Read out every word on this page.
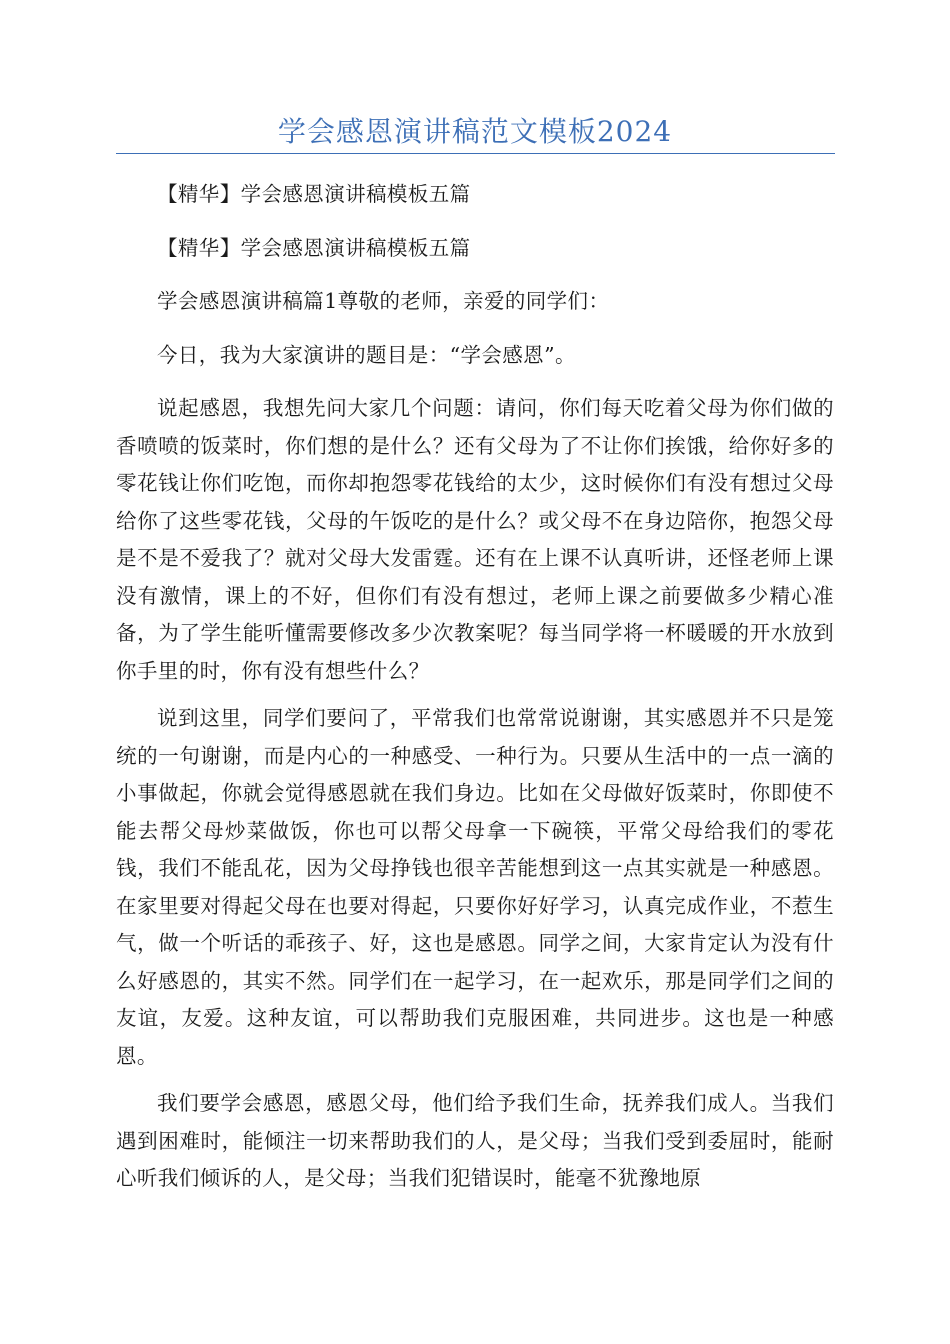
学会感恩演讲稿范文模板2024

【精华】学会感恩演讲稿模板五篇

【精华】学会感恩演讲稿模板五篇

学会感恩演讲稿篇1尊敬的老师，亲爱的同学们：

今日，我为大家演讲的题目是：“学会感恩”。

说起感恩，我想先问大家几个问题：请问，你们每天吃着父母为你们做的香喷喷的饭菜时，你们想的是什么？还有父母为了不让你们挨饿，给你好多的零花钱让你们吃饱，而你却抱怨零花钱给的太少，这时候你们有没有想过父母给你了这些零花钱，父母的午饭吃的是什么？或父母不在身边陪你，抱怨父母是不是不爱我了？就对父母大发雷霆。还有在上课不认真听讲，还怪老师上课没有激情，课上的不好，但你们有没有想过，老师上课之前要做多少精心准备，为了学生能听懂需要修改多少次教案呢？每当同学将一杯暖暖的开水放到你手里的时，你有没有想些什么？

说到这里，同学们要问了，平常我们也常常说谢谢，其实感恩并不只是笼统的一句谢谢，而是内心的一种感受、一种行为。只要从生活中的一点一滴的小事做起，你就会觉得感恩就在我们身边。比如在父母做好饭菜时，你即使不能去帮父母炒菜做饭，你也可以帮父母拿一下碗筷，平常父母给我们的零花钱，我们不能乱花，因为父母挣钱也很辛苦能想到这一点其实就是一种感恩。在家里要对得起父母在也要对得起，只要你好好学习，认真完成作业，不惹生气，做一个听话的乖孩子、好，这也是感恩。同学之间，大家肯定认为没有什么好感恩的，其实不然。同学们在一起学习，在一起欢乐，那是同学们之间的友谊，友爱。这种友谊，可以帮助我们克服困难，共同进步。这也是一种感恩。

我们要学会感恩，感恩父母，他们给予我们生命，抚养我们成人。当我们遇到困难时，能倾注一切来帮助我们的人，是父母；当我们受到委屈时，能耐心听我们倾诉的人，是父母；当我们犯错误时，能毫不犹豫地原
